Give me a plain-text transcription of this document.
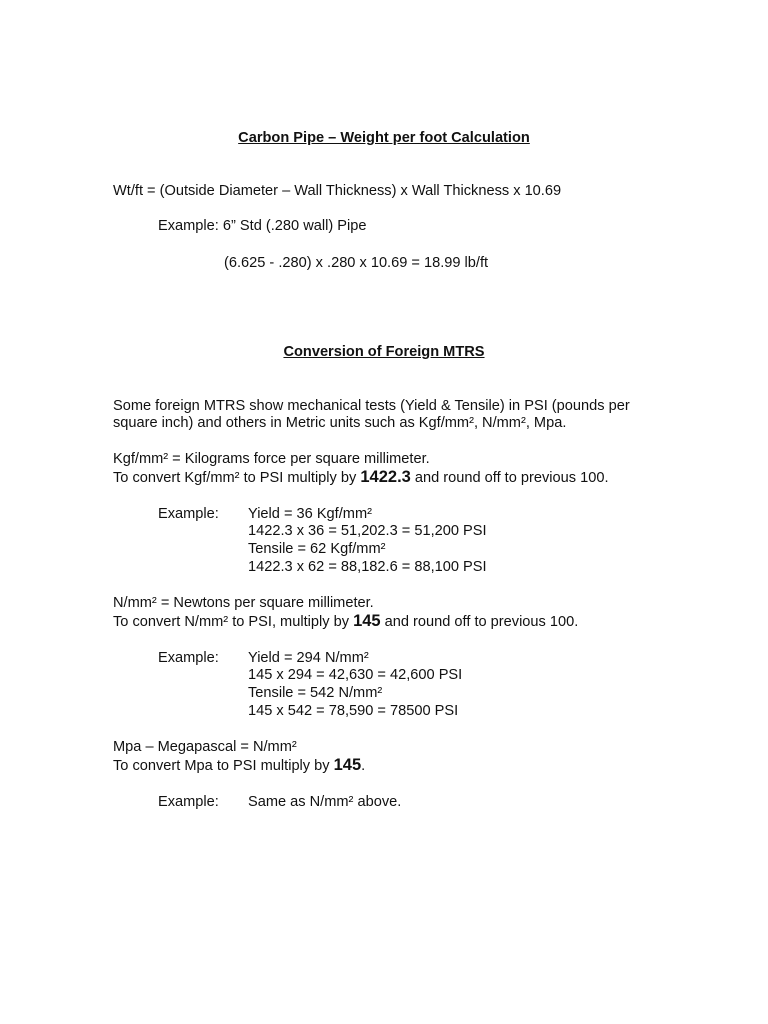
Carbon Pipe – Weight per foot Calculation
Wt/ft = (Outside Diameter – Wall Thickness) x Wall Thickness x 10.69
Example: 6” Std (.280 wall) Pipe
(6.625 - .280) x .280 x 10.69 = 18.99 lb/ft
Conversion of Foreign MTRS
Some foreign MTRS show mechanical tests (Yield & Tensile) in PSI (pounds per
square inch) and others in Metric units such as Kgf/mm², N/mm², Mpa.
Kgf/mm² = Kilograms force per square millimeter.
To convert Kgf/mm² to PSI multiply by 1422.3 and round off to previous 100.
Example: Yield = 36 Kgf/mm²
1422.3 x 36 = 51,202.3 = 51,200 PSI
Tensile = 62 Kgf/mm²
1422.3 x 62 = 88,182.6 = 88,100 PSI
N/mm² = Newtons per square millimeter.
To convert N/mm² to PSI, multiply by 145 and round off to previous 100.
Example: Yield = 294 N/mm²
145 x 294 = 42,630 = 42,600 PSI
Tensile = 542 N/mm²
145 x 542 = 78,590 = 78500 PSI
Mpa – Megapascal = N/mm²
To convert Mpa to PSI multiply by 145.
Example: Same as N/mm² above.
